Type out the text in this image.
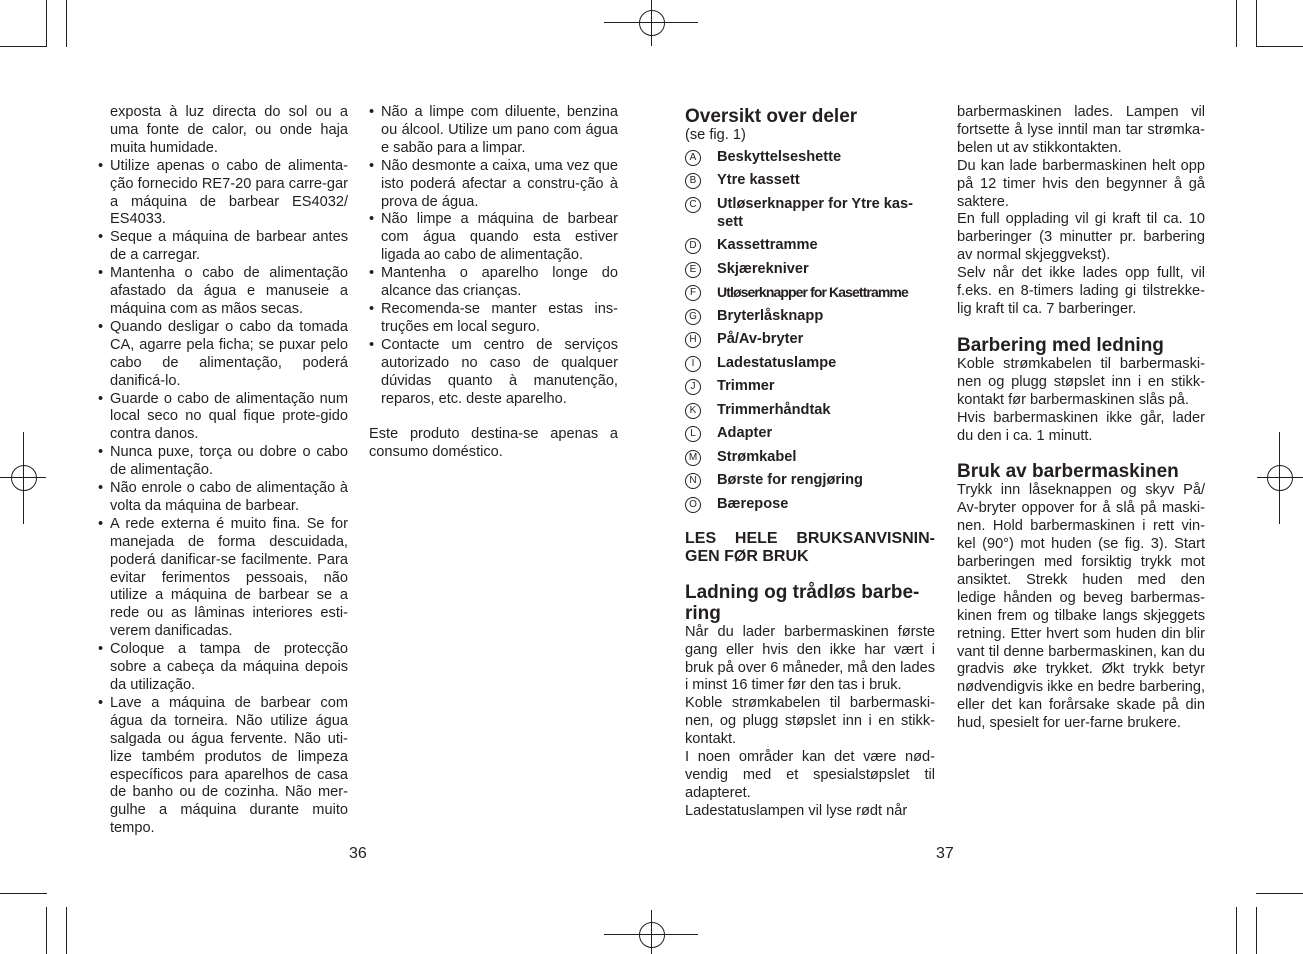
exposta à luz directa do sol ou a uma fonte de calor, ou onde haja muita humidade.

• Utilize apenas o cabo de alimenta-ção fornecido RE7-20 para carre-gar a máquina de barbear ES4032/ ES4033.
• Seque a máquina de barbear antes de a carregar.
• Mantenha o cabo de alimentação afastado da água e manuseie a máquina com as mãos secas.
• Quando desligar o cabo da tomada CA, agarre pela ficha; se puxar pelo cabo de alimentação, poderá danificá-lo.
• Guarde o cabo de alimentação num local seco no qual fique prote-gido contra danos.
• Nunca puxe, torça ou dobre o cabo de alimentação.
• Não enrole o cabo de alimentação à volta da máquina de barbear.
• A rede externa é muito fina. Se for manejada de forma descuidada, poderá danificar-se facilmente. Para evitar ferimentos pessoais, não utilize a máquina de barbear se a rede ou as lâminas interiores esti-verem danificadas.
• Coloque a tampa de protecção sobre a cabeça da máquina depois da utilização.
• Lave a máquina de barbear com água da torneira. Não utilize água salgada ou água fervente. Não uti-lize também produtos de limpeza específicos para aparelhos de casa de banho ou de cozinha. Não mer-gulhe a máquina durante muito tempo.
• Não a limpe com diluente, benzina ou álcool. Utilize um pano com água e sabão para a limpar.
• Não desmonte a caixa, uma vez que isto poderá afectar a constru-ção à prova de água.
• Não limpe a máquina de barbear com água quando esta estiver ligada ao cabo de alimentação.
• Mantenha o aparelho longe do alcance das crianças.
• Recomenda-se manter estas ins-truções em local seguro.
• Contacte um centro de serviços autorizado no caso de qualquer dúvidas quanto à manutenção, reparos, etc. deste aparelho.

Este produto destina-se apenas a consumo doméstico.

Oversikt over deler

(se fig. 1)

A	Beskyttelseshette
B	Ytre kassett
C	Utløserknapper for Ytre kas-sett
D	Kassettramme
E	Skjærekniver
F	Utløserknapper for Kasettramme
G Bryterlåsknapp
H	På/Av-bryter
I	Ladestatuslampe
J	Trimmer
K	Trimmerhåndtak
L	Adapter
M Strømkabel
N	Børste for rengjøring
O Bærepose
LES HELE BRUKSANVISNIN-GEN FØR BRUK
Ladning og trådløs barbe-ring

Når du lader barbermaskinen første gang eller hvis den ikke har vært i bruk på over 6 måneder, må den lades i minst 16 timer før den tas i bruk.

Koble strømkabelen til barbermaski-nen, og plugg støpslet inn i en stikk-kontakt.

I noen områder kan det være nød-vendig med et spesialstøpslet til adapteret.

Ladestatuslampen vil lyse rødt når

barbermaskinen lades. Lampen vil fortsette å lyse inntil man tar strømka-belen ut av stikkontakten.

Du kan lade barbermaskinen helt opp på 12 timer hvis den begynner å gå saktere.

En full opplading vil gi kraft til ca. 10 barberinger (3 minutter pr. barbering av normal skjeggvekst).

Selv når det ikke lades opp fullt, vil f.eks. en 8-timers lading gi tilstrekke-lig kraft til ca. 7 barberinger.

Barbering med ledning

Koble strømkabelen til barbermaski-nen og plugg støpslet inn i en stikk-kontakt før barbermaskinen slås på.

Hvis barbermaskinen ikke går, lader du den i ca. 1 minutt.

Bruk av barbermaskinen

Trykk inn låseknappen og skyv På/ Av-bryter oppover for å slå på maski-nen. Hold barbermaskinen i rett vin-kel (90°) mot huden (se fig. 3). Start barberingen med forsiktig trykk mot ansiktet. Strekk huden med den ledige hånden og beveg barbermas-kinen frem og tilbake langs skjeggets retning. Etter hvert som huden din blir vant til denne barbermaskinen, kan du gradvis øke trykket. Økt trykk betyr nødvendigvis ikke en bedre barbering, eller det kan forårsake skade på din hud, spesielt for uer-farne brukere.

36	37
